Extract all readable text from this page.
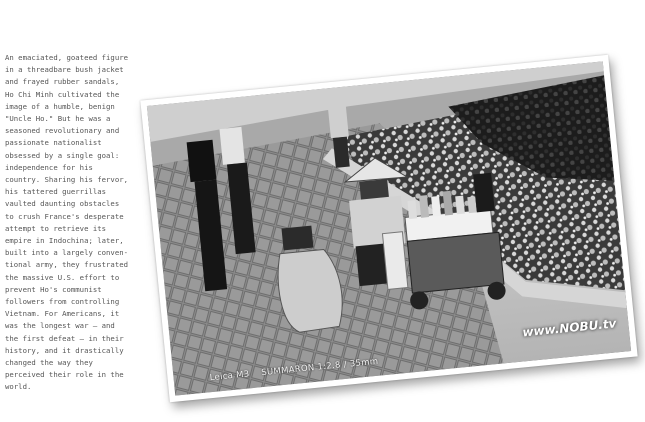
An emaciated, goateed figure
in a threadbare bush jacket
and frayed rubber sandals,
Ho Chi Minh cultivated the
image of a humble, benign
"Uncle Ho." But he was a
seasoned revolutionary and
passionate nationalist
obsessed by a single goal:
independence for his
country. Sharing his fervor,
his tattered guerrillas
vaulted daunting obstacles
to crush France's desperate
attempt to retrieve its
empire in Indochina; later,
built into a largely conven-
tional army, they frustrated
the massive U.S. effort to
prevent Ho's communist
followers from controlling
Vietnam. For Americans, it
was the longest war — and
the first defeat — in their
history, and it drastically
changed the way they
perceived their role in the
world.
www.NOBU.tv
Leica M3 SUMMARON 1:2.8 / 35mm
